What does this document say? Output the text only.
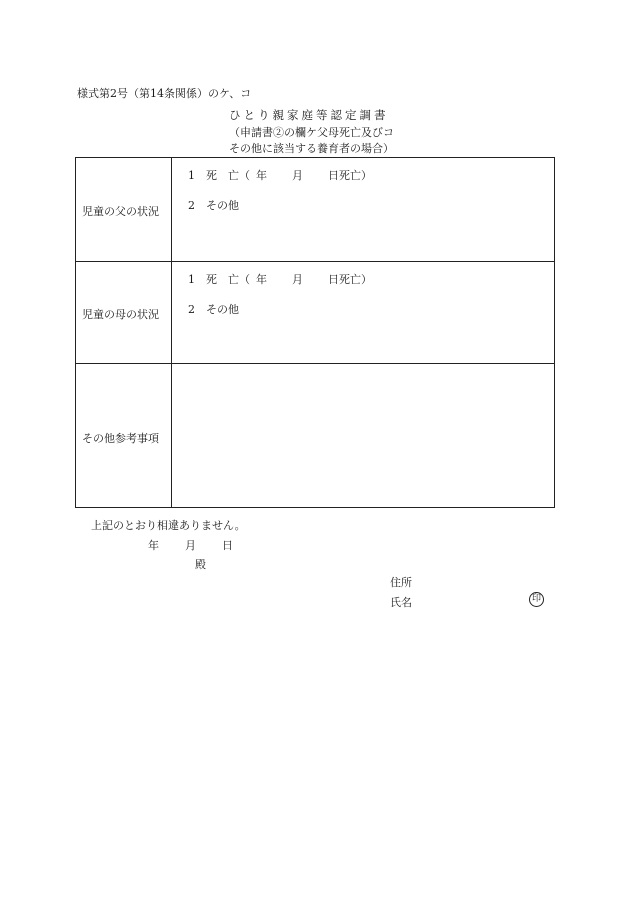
様式第2号（第14条関係）のケ、コ
ひとり親家庭等認定調書
（申請書②の欄ケ父母死亡及びコ
その他に該当する養育者の場合）
児童の父の状況
1 死　亡（ 年 月 日死亡）
2 その他
児童の母の状況
1 死　亡（ 年 月 日死亡）
2 その他
その他参考事項
上記のとおり相違ありません。
年 月 日
殿
住所
氏名	印
